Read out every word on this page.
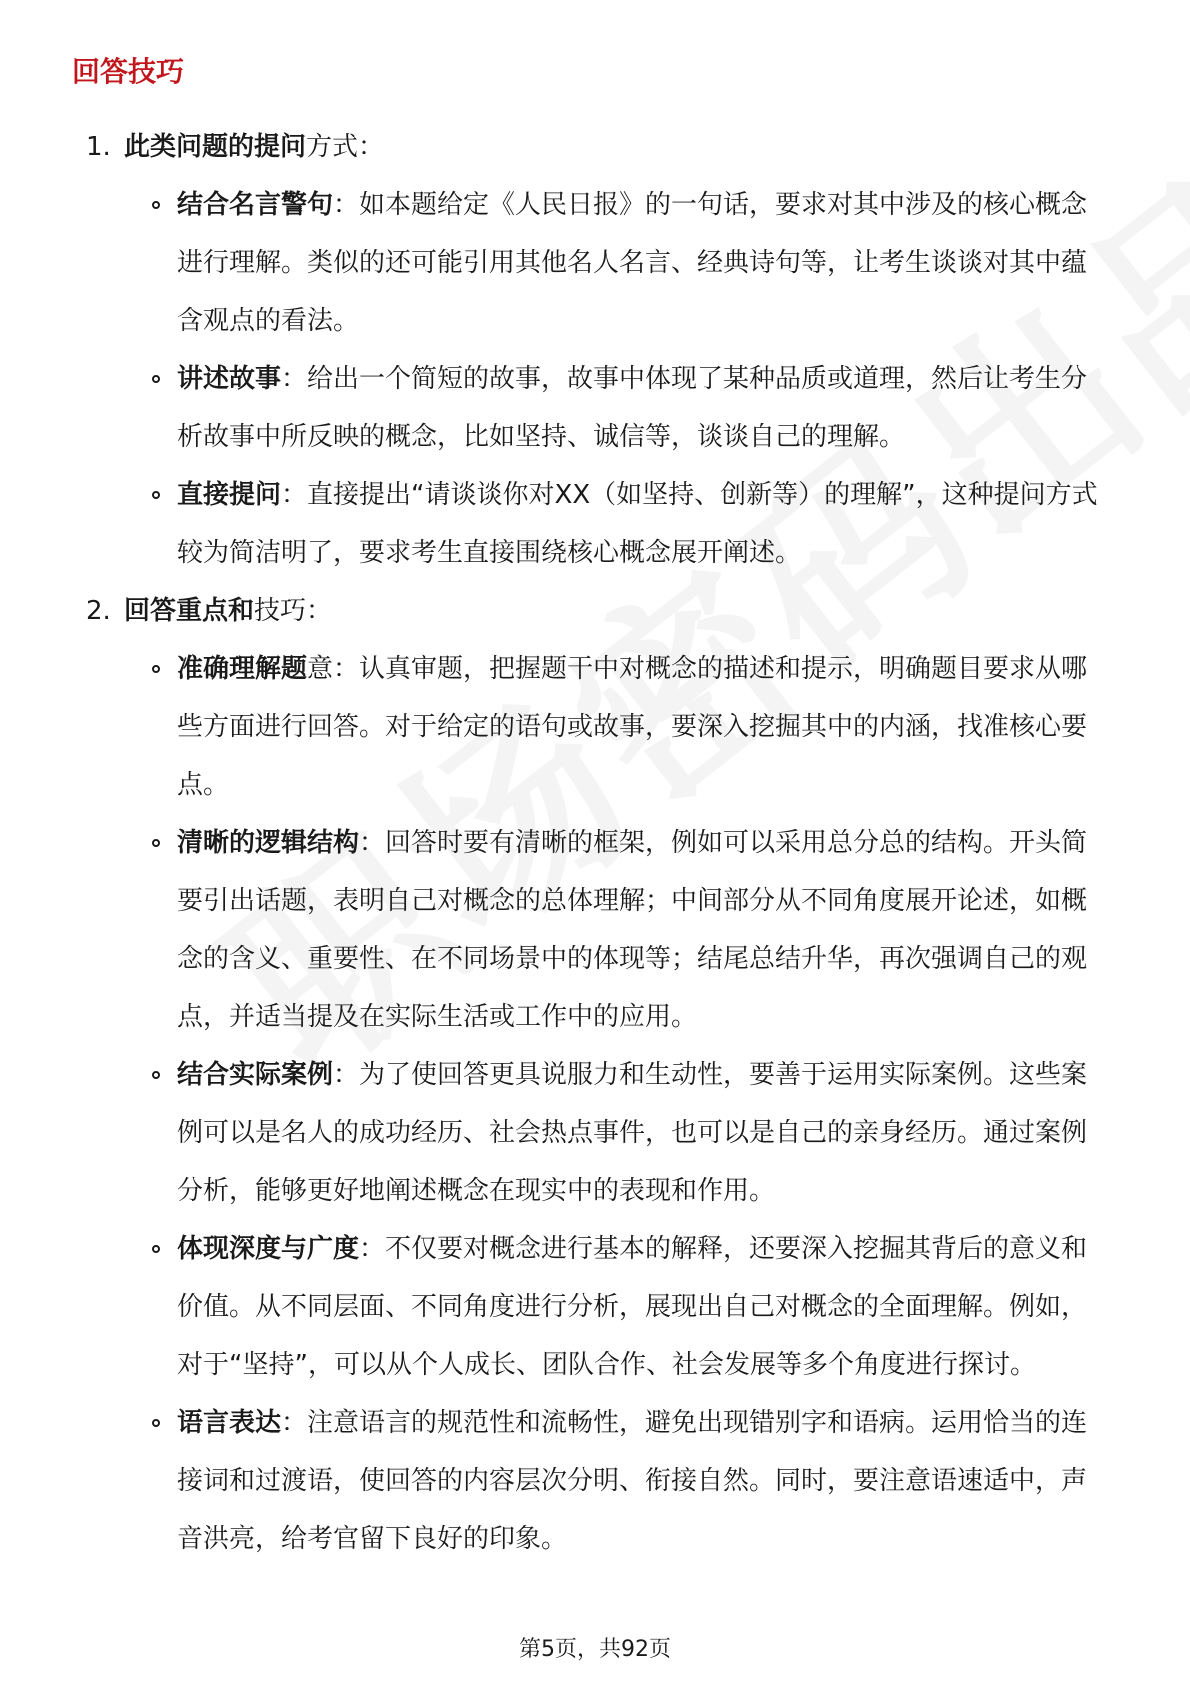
回答技巧
1. 此类问题的提问方式：
结合名言警句：如本题给定《人民日报》的一句话，要求对其中涉及的核心概念进行理解。类似的还可能引用其他名人名言、经典诗句等，让考生谈谈对其中蕴含观点的看法。
讲述故事：给出一个简短的故事，故事中体现了某种品质或道理，然后让考生分析故事中所反映的概念，比如坚持、诚信等，谈谈自己的理解。
直接提问：直接提出“请谈谈你对XX（如坚持、创新等）的理解”，这种提问方式较为简洁明了，要求考生直接围绕核心概念展开阐述。
2. 回答重点和技巧：
准确理解题意：认真审题，把握题干中对概念的描述和提示，明确题目要求从哪些方面进行回答。对于给定的语句或故事，要深入挖掘其中的内涵，找准核心要点。
清晰的逻辑结构：回答时要有清晰的框架，例如可以采用总分总的结构。开头简要引出话题，表明自己对概念的总体理解；中间部分从不同角度展开论述，如概念的含义、重要性、在不同场景中的体现等；结尾总结升华，再次强调自己的观点，并适当提及在实际生活或工作中的应用。
结合实际案例：为了使回答更具说服力和生动性，要善于运用实际案例。这些案例可以是名人的成功经历、社会热点事件，也可以是自己的亲身经历。通过案例分析，能够更好地阐述概念在现实中的表现和作用。
体现深度与广度：不仅要对概念进行基本的解释，还要深入挖掘其背后的意义和价值。从不同层面、不同角度进行分析，展现出自己对概念的全面理解。例如，对于“坚持”，可以从个人成长、团队合作、社会发展等多个角度进行探讨。
语言表达：注意语言的规范性和流畅性，避免出现错别字和语病。运用恰当的连接词和过渡语，使回答的内容层次分明、衔接自然。同时，要注意语速适中，声音洪亮，给考官留下良好的印象。
第5页，共92页
